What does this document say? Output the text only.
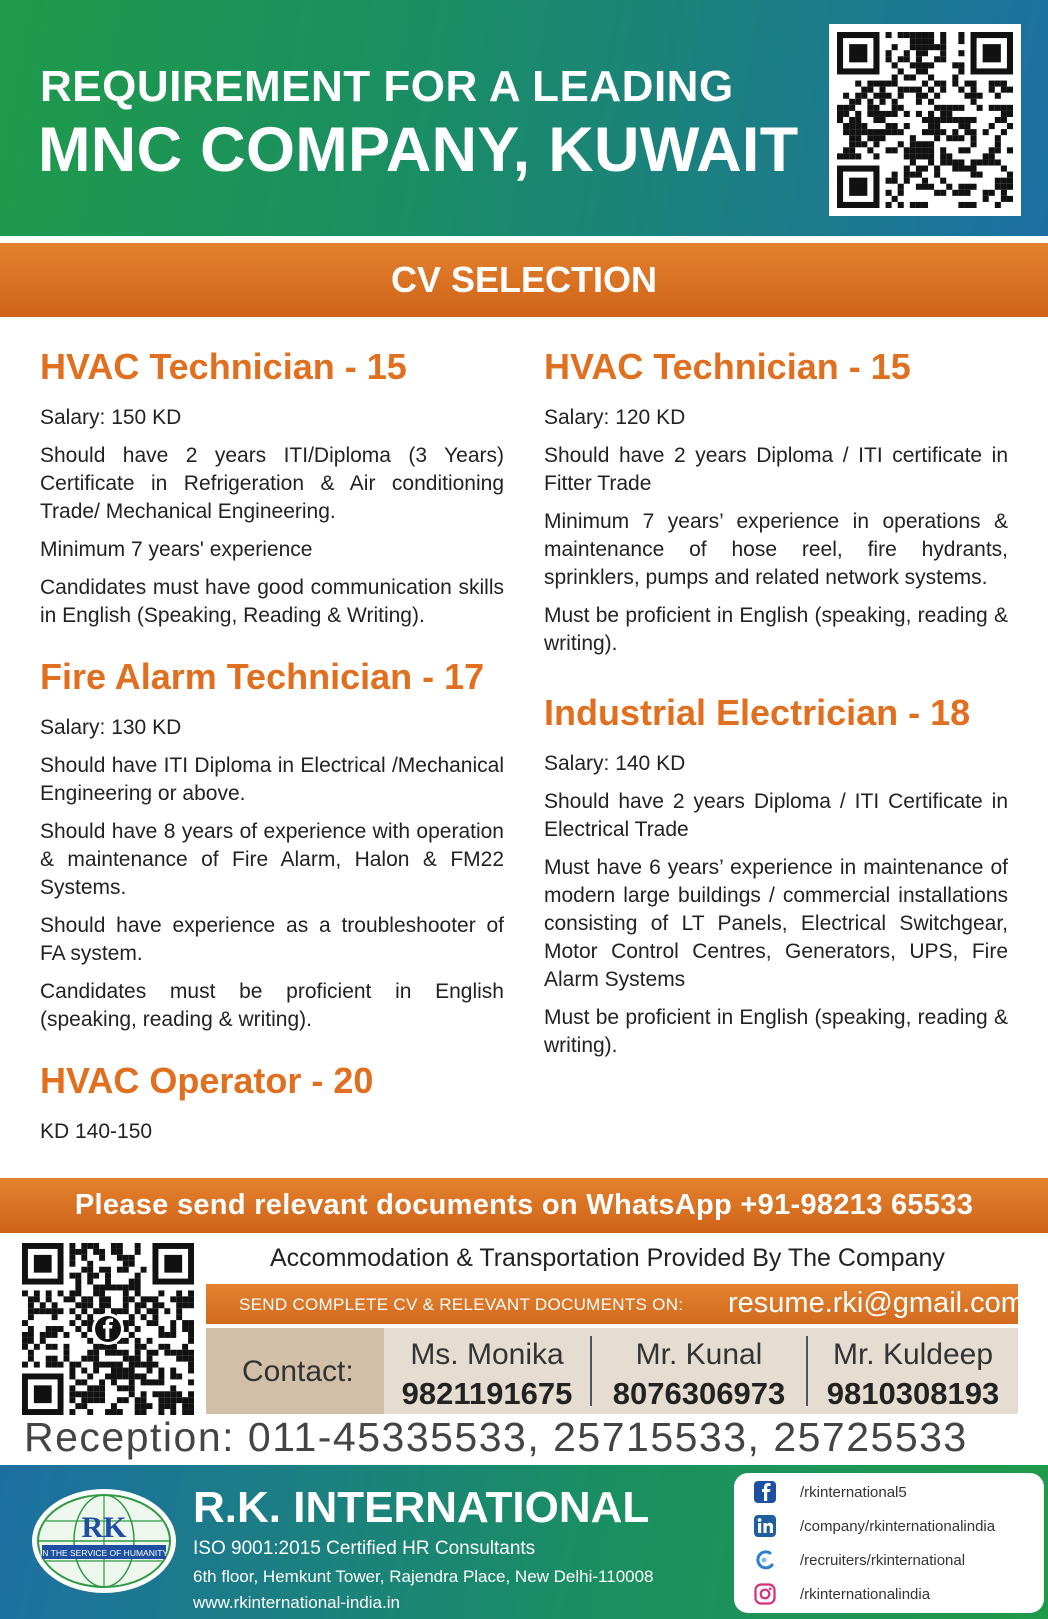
REQUIREMENT FOR A LEADING
MNC COMPANY, KUWAIT
CV SELECTION
HVAC Technician - 15

Salary: 150 KD

Should have 2 years ITI/Diploma (3 Years) Certificate in Refrigeration & Air conditioning Trade/ Mechanical Engineering.

Minimum 7 years' experience

Candidates must have good communication skills in English (Speaking, Reading & Writing).

Fire Alarm Technician - 17

Salary: 130 KD

Should have ITI Diploma in Electrical /Mechanical Engineering or above.

Should have 8 years of experience with operation & maintenance of Fire Alarm, Halon & FM22 Systems.

Should have experience as a troubleshooter of FA system.

Candidates must be proficient in English (speaking, reading & writing).

HVAC Operator - 20

KD 140-150

HVAC Technician - 15

Salary: 120 KD

Should have 2 years Diploma / ITI certificate in Fitter Trade

Minimum 7 years’ experience in operations & maintenance of hose reel, fire hydrants, sprinklers, pumps and related network systems.

Must be proficient in English (speaking, reading & writing).

Industrial Electrician - 18

Salary: 140 KD

Should have 2 years Diploma / ITI Certificate in Electrical Trade

Must have 6 years’ experience in maintenance of modern large buildings / commercial installations consisting of LT Panels, Electrical Switchgear, Motor Control Centres, Generators, UPS, Fire Alarm Systems

Must be proficient in English (speaking, reading & writing).

Please send relevant documents on WhatsApp +91-98213 65533
Accommodation & Transportation Provided By The Company
SEND COMPLETE CV & RELEVANT DOCUMENTS ON: resume.rki@gmail.com
Contact:
Ms. Monika
9821191675
Mr. Kunal
8076306973
Mr. Kuldeep
9810308193
Reception: 011-45335533, 25715533, 25725533
RK
IN THE SERVICE OF HUMANITY
R.K. INTERNATIONAL
ISO 9001:2015 Certified HR Consultants
6th floor, Hemkunt Tower, Rajendra Place, New Delhi-110008
www.rkinternational-india.in
/rkinternational5
/company/rkinternationalindia
/recruiters/rkinternational
/rkinternationalindia
